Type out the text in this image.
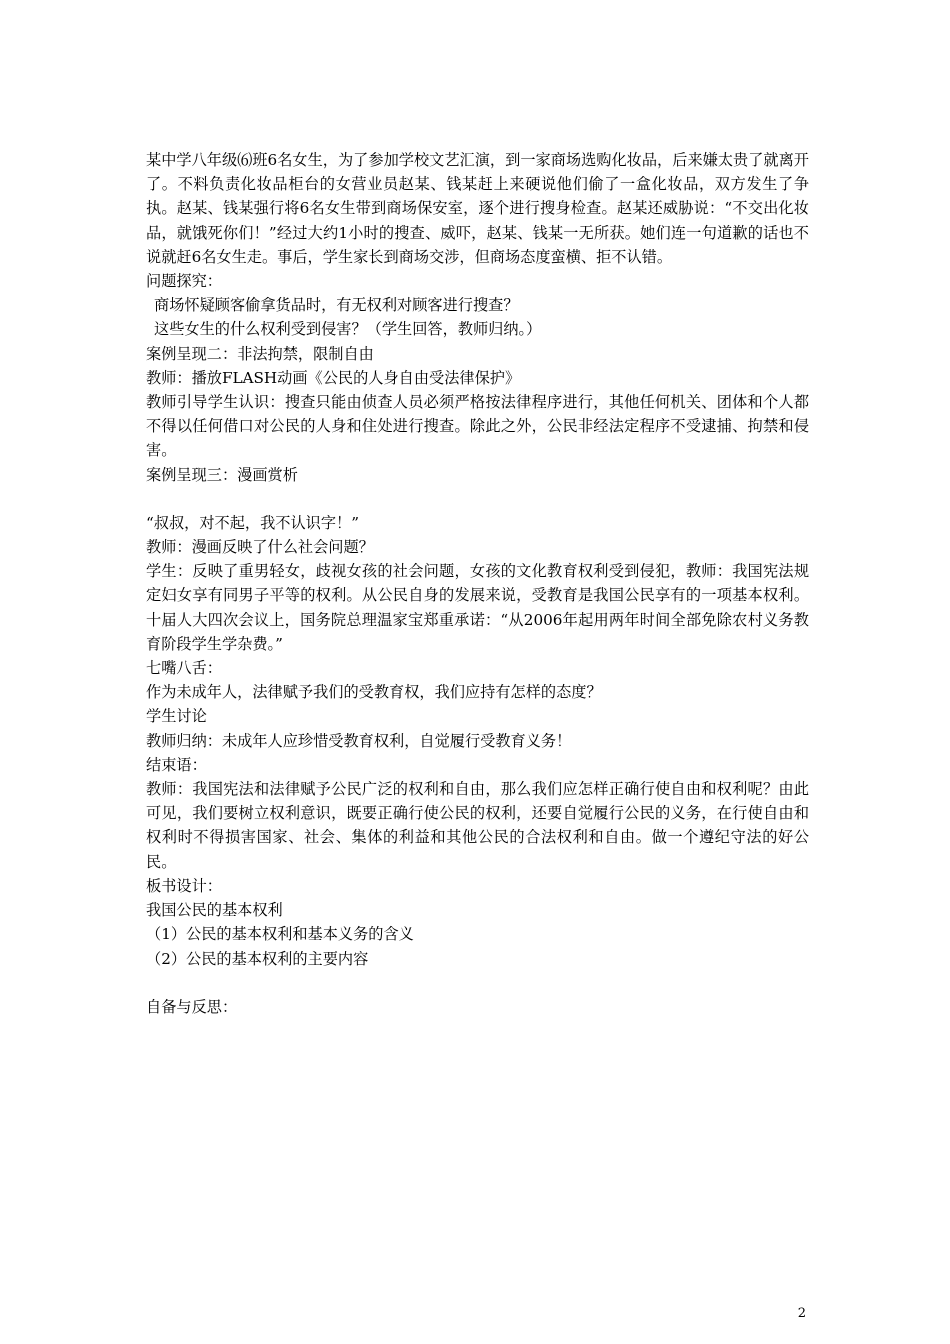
某中学八年级⑹班6名女生，为了参加学校文艺汇演，到一家商场选购化妆品，后来嫌太贵了就离开了。不料负责化妆品柜台的女营业员赵某、钱某赶上来硬说他们偷了一盒化妆品，双方发生了争执。赵某、钱某强行将6名女生带到商场保安室，逐个进行搜身检查。赵某还威胁说：“不交出化妆品，就饿死你们！”经过大约1小时的搜查、威吓，赵某、钱某一无所获。她们连一句道歉的话也不说就赶6名女生走。事后，学生家长到商场交涉，但商场态度蛮横、拒不认错。

问题探究：

商场怀疑顾客偷拿货品时，有无权利对顾客进行搜查？

这些女生的什么权利受到侵害？（学生回答，教师归纳。）

案例呈现二：非法拘禁，限制自由

教师：播放FLASH动画《公民的人身自由受法律保护》

教师引导学生认识：搜查只能由侦查人员必须严格按法律程序进行，其他任何机关、团体和个人都不得以任何借口对公民的人身和住处进行搜查。除此之外，公民非经法定程序不受逮捕、拘禁和侵害。

案例呈现三：漫画赏析

“叔叔，对不起，我不认识字！”

教师：漫画反映了什么社会问题？

学生：反映了重男轻女，歧视女孩的社会问题，女孩的文化教育权利受到侵犯，教师：我国宪法规定妇女享有同男子平等的权利。从公民自身的发展来说，受教育是我国公民享有的一项基本权利。 十届人大四次会议上，国务院总理温家宝郑重承诺：“从2006年起用两年时间全部免除农村义务教育阶段学生学杂费。”

七嘴八舌：

作为未成年人，法律赋予我们的受教育权，我们应持有怎样的态度？

学生讨论

教师归纳：未成年人应珍惜受教育权利，自觉履行受教育义务！

结束语：

教师：我国宪法和法律赋予公民广泛的权利和自由，那么我们应怎样正确行使自由和权利呢？由此可见，我们要树立权利意识，既要正确行使公民的权利，还要自觉履行公民的义务，在行使自由和权利时不得损害国家、社会、集体的利益和其他公民的合法权利和自由。做一个遵纪守法的好公民。

板书设计：

我国公民的基本权利

（1）公民的基本权利和基本义务的含义

（2）公民的基本权利的主要内容

自备与反思：

2
